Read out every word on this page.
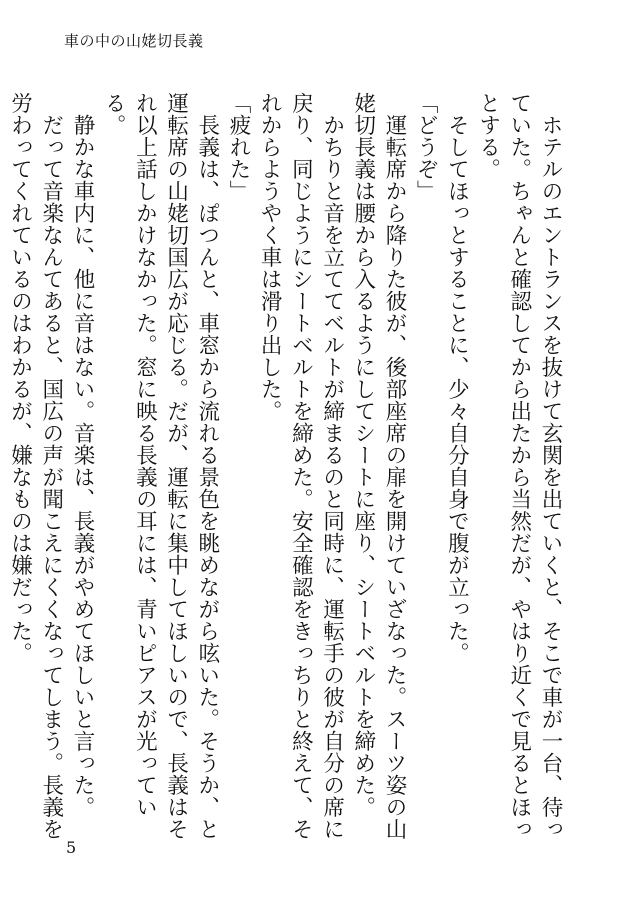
車の中の山姥切長義

ホテルのエントランスを抜けて玄関を出ていくと、そこで車が一台、待っていた。ちゃんと確認してから出たから当然だが、やはり近くで見るとほっとする。

そしてほっとすることに、少々自分自身で腹が立った。

「どうぞ」

運転席から降りた彼が、後部座席の扉を開けていざなった。スーツ姿の山姥切長義は腰から入るようにしてシートに座り、シートベルトを締めた。

かちりと音を立ててベルトが締まるのと同時に、運転手の彼が自分の席に戻り、同じようにシートベルトを締めた。安全確認をきっちりと終えて、それからようやく車は滑り出した。

「疲れた」

長義は、ぽつんと、車窓から流れる景色を眺めながら呟いた。そうか、と運転席の山姥切国広が応じる。だが、運転に集中してほしいので、長義はそれ以上話しかけなかった。窓に映る長義の耳には、青いピアスが光っている。

静かな車内に、他に音はない。音楽は、長義がやめてほしいと言った。

だって音楽なんてあると、国広の声が聞こえにくくなってしまう。長義を労わってくれているのはわかるが、嫌なものは嫌だった。

5
